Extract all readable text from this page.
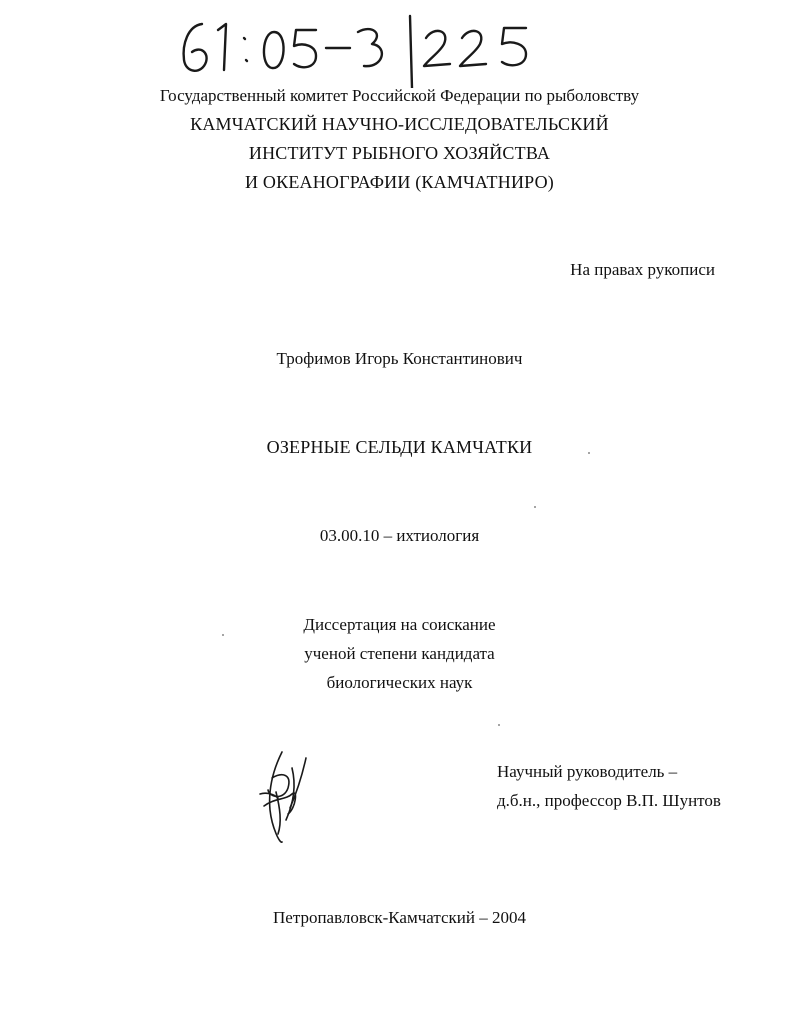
Государственный комитет Российской Федерации по рыболовству
КАМЧАТСКИЙ НАУЧНО-ИССЛЕДОВАТЕЛЬСКИЙ
ИНСТИТУТ РЫБНОГО ХОЗЯЙСТВА
И ОКЕАНОГРАФИИ (КАМЧАТНИРО)
На правах рукописи
Трофимов Игорь Константинович
ОЗЕРНЫЕ СЕЛЬДИ КАМЧАТКИ
03.00.10 – ихтиология
Диссертация на соискание
ученой степени кандидата
биологических наук
Научный руководитель –
д.б.н., профессор В.П. Шунтов
Петропавловск-Камчатский – 2004
